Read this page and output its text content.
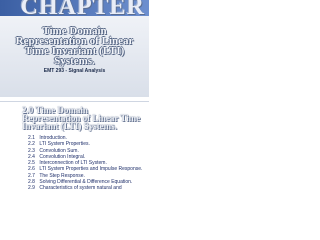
CHAPTER
Time Domain Representation of Linear Time Invariant (LTI) Systems.
EMT 293 - Signal Analysis
2.0 Time Domain Representation of Linear Time Invariant (LTI) Systems.
2.1 Introduction.
2.2 LTI System Properties.
2.3 Convolution Sum.
2.4 Convolution Integral.
2.5 Interconnection of LTI System.
2.6 LTI System Properties and Impulse Response.
2.7 The Step Response.
2.8 Solving Differential & Difference Equation.
2.9 Characteristics of system natural and
